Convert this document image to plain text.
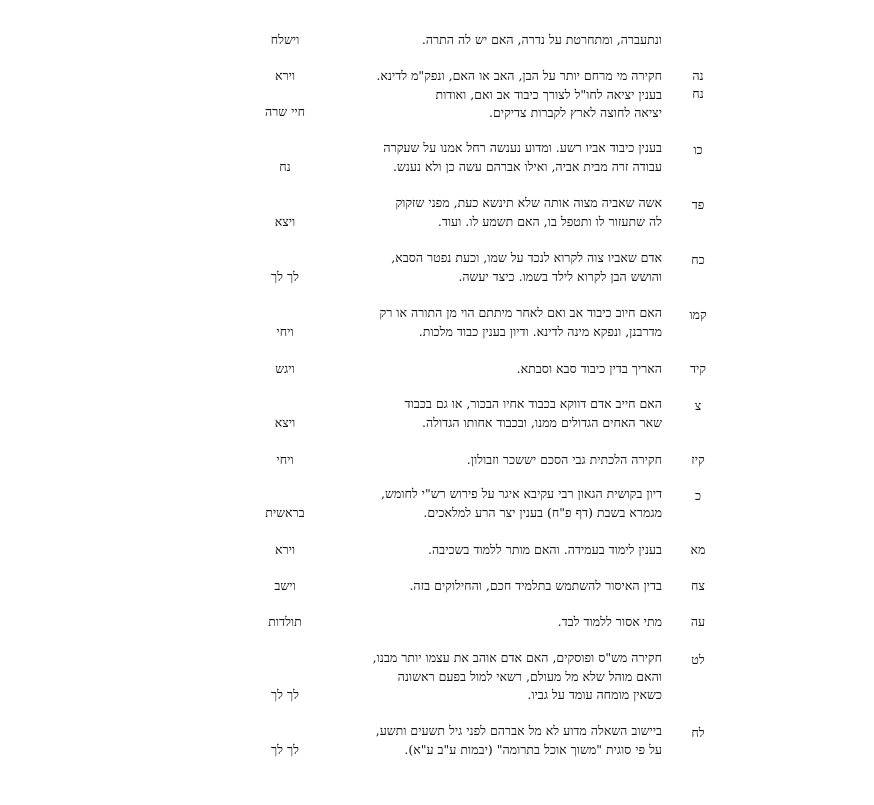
ונתעברה, ומתחרטת על נדרה, האם יש לה התרה.
וישלח
נה
נח
חקירה מי מרחם יותר על הבן, האב או האם, ונפק"מ לדינא.
בענין יציאה לחו"ל לצורך כיבוד אב ואם, ואודות
יציאה לחוצה לארץ לקברות צדיקים.
וירא
חיי שרה
כו
בענין כיבוד אביו רשע. ומדוע נענשה רחל אמנו על שעקרה
עבודה זרה מבית אביה, ואילו אברהם עשה כן ולא נענש.
נח
פד
אשה שאביה מצוה אותה שלא תינשא כעת, מפני שזקוק
לה שתעזור לו ותטפל בו, האם תשמע לו. ועוד.
ויצא
כח
אדם שאביו צוה לקרוא לנכד על שמו, וכעת נפטר הסבא,
והושש הבן לקרוא לילד בשמו. כיצד יעשה.
לך לך
קמו
האם חיוב כיבוד אב ואם לאחר מיתתם הוי מן התורה או רק
מדרבנן, ונפקא מינה לדינא. ודיון בענין כבוד מלכות.
ויחי
קיד
האריך בדין כיבוד סבא וסבתא.
ויגש
צ
האם חייב אדם דווקא בכבוד אחיו הבכור, או גם בכבוד
שאר האחים הגדולים ממנו, ובכבוד אחותו הגדולה.
ויצא
קיז
חקירה הלכתית גבי הסכם יששכר וזבולון.
ויחי
כ
דיון בקושית הגאון רבי עקיבא איגר על פירוש רש"י לחומש,
מגמרא בשבת (דף פ"ח) בענין יצר הרע למלאכים.
בראשית
מא
בענין לימוד בעמידה. והאם מותר ללמוד בשכיבה.
וירא
צח
בדין האיסור להשתמש בתלמיד חכם, והחילוקים בזה.
וישב
עה
מתי אסור ללמוד לבד.
תולדות
לט
חקירה מש"ס ופוסקים, האם אדם אוהב את עצמו יותר מבנו,
והאם מוהל שלא מל מעולם, רשאי למול בפעם ראשונה
כשאין מומחה עומד על גביו.
לך לך
לח
ביישוב השאלה מדוע לא מל אברהם לפני גיל תשעים ותשע,
על פי סוגית "משוך אוכל בתרומה" (יבמות ע"ב ע"א).
לך לך
